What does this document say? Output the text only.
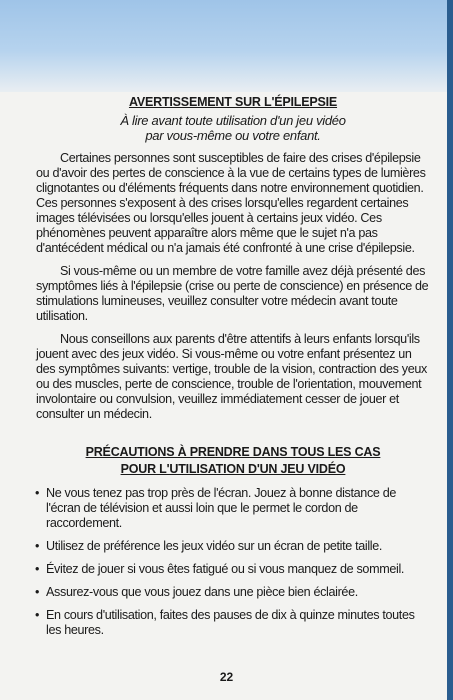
AVERTISSEMENT SUR L'ÉPILEPSIE
À lire avant toute utilisation d'un jeu vidéo
par vous-même ou votre enfant.

Certaines personnes sont susceptibles de faire des crises d'épilepsie ou d'avoir des pertes de conscience à la vue de certains types de lumières clignotantes ou d'éléments fréquents dans notre environnement quotidien. Ces personnes s'exposent à des crises lorsqu'elles regardent certaines images télévisées ou lorsqu'elles jouent à certains jeux vidéo. Ces phénomènes peuvent apparaître alors même que le sujet n'a pas d'antécédent médical ou n'a jamais été confronté à une crise d'épilepsie.

Si vous-même ou un membre de votre famille avez déjà présenté des symptômes liés à l'épilepsie (crise ou perte de conscience) en présence de stimulations lumineuses, veuillez consulter votre médecin avant toute utilisation.

Nous conseillons aux parents d'être attentifs à leurs enfants lorsqu'ils jouent avec des jeux vidéo. Si vous-même ou votre enfant présentez un des symptômes suivants: vertige, trouble de la vision, contraction des yeux ou des muscles, perte de conscience, trouble de l'orientation, mouvement involontaire ou convulsion, veuillez immédiatement cesser de jouer et consulter un médecin.

PRÉCAUTIONS À PRENDRE DANS TOUS LES CAS
POUR L'UTILISATION D'UN JEU VIDÉO
• Ne vous tenez pas trop près de l'écran. Jouez à bonne distance de l'écran de télévision et aussi loin que le permet le cordon de raccordement.
• Utilisez de préférence les jeux vidéo sur un écran de petite taille.
• Évitez de jouer si vous êtes fatigué ou si vous manquez de sommeil.
• Assurez-vous que vous jouez dans une pièce bien éclairée.
• En cours d'utilisation, faites des pauses de dix à quinze minutes toutes les heures.
22
